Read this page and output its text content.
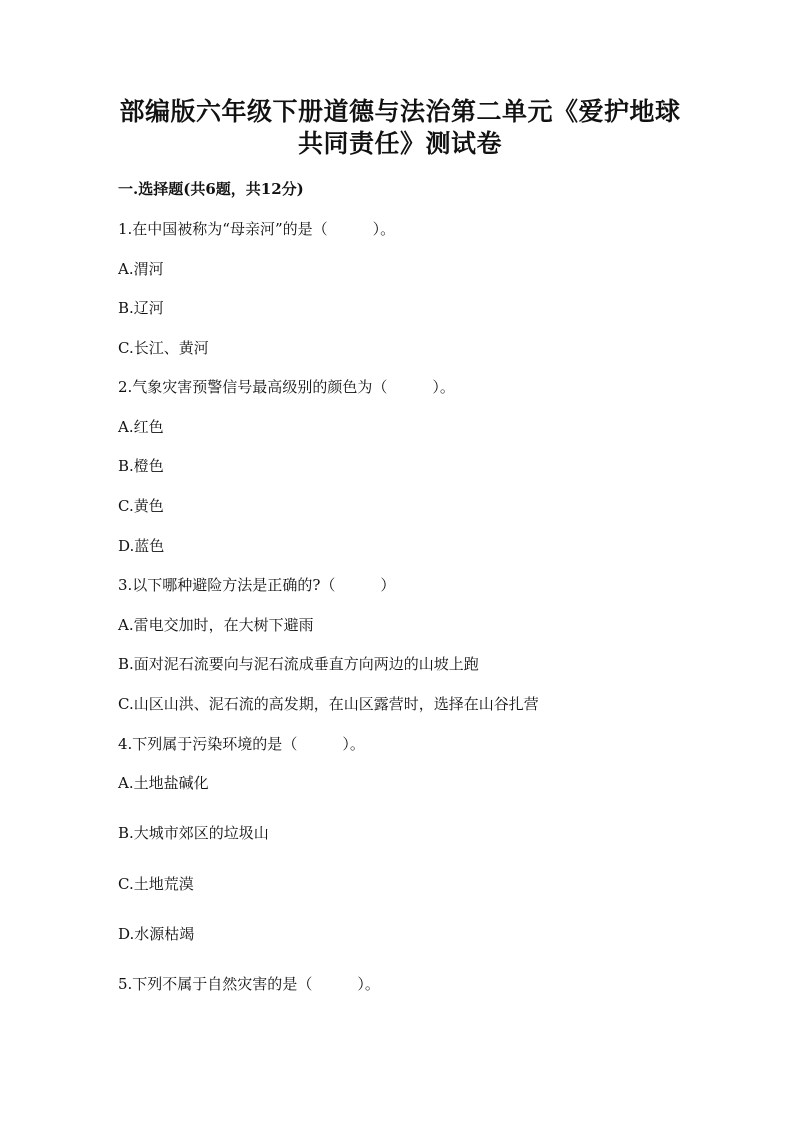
部编版六年级下册道德与法治第二单元《爱护地球
共同责任》测试卷
一.选择题(共6题，共12分)
1.在中国被称为“母亲河”的是（　　　）。
A.渭河
B.辽河
C.长江、黄河
2.气象灾害预警信号最高级别的颜色为（　　　）。
A.红色
B.橙色
C.黄色
D.蓝色
3.以下哪种避险方法是正确的?（　　　）
A.雷电交加时，在大树下避雨
B.面对泥石流要向与泥石流成垂直方向两边的山坡上跑
C.山区山洪、泥石流的高发期，在山区露营时，选择在山谷扎营
4.下列属于污染环境的是（　　　）。
A.土地盐碱化
B.大城市郊区的垃圾山
C.土地荒漠
D.水源枯竭
5.下列不属于自然灾害的是（　　　）。
